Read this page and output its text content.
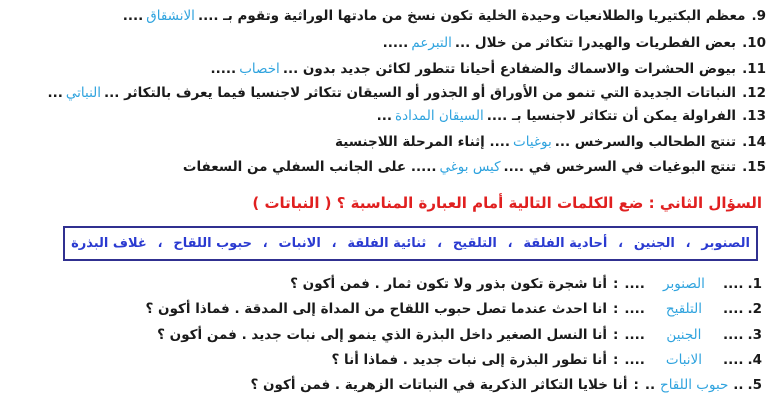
9.معظم البكتيريا والطلانعيات وحيدة الخلية تكون نسخ من مادتها الوراثية وتقوم بـ ....الانشقاق....
10.بعض الفطريات والهيدرا تتكاثر من خلال ...التبرعم.....
11.بيوض الحشرات والاسماك والضفادع أحيانا تتطور لكائن جديد بدون ...اخصاب.....
12.النباتات الجديدة التي تنمو من الأوراق أو الجذور أو السيقان تتكاثر لاجنسيا فيما يعرف بالتكاثر ...النباتي...
13.الفراولة يمكن أن تتكاثر لاجنسيا بـ ....السيقان المدادة...
14.تنتج الطحالب والسرخس ...بوغيات.... إثناء المرحلة اللاجنسية
15.تنتج البوغيات في السرخس في ....كيس بوغي..... على الجانب السفلي من السعفات
السؤال الثاني : ضع الكلمات التالية أمام العبارة المناسبة ؟ ( النباتات )
الصنوبر
،
الجنين
،
أحادية الفلقة
،
التلقيح
،
ثنائية الفلقة
،
الانبات
،
حبوب اللقاح
،
غلاف البذرة
1.....الصنوبر....:أنا شجرة تكون بذور ولا تكون ثمار . فمن أكون ؟
2.....التلقيح....:انا احدث عندما تصل حبوب اللقاح من المداة إلى المدقة . فماذا أكون ؟
3.....الجنين....:أنا النسل الصغير داخل البذرة الذي ينمو إلى نبات جديد . فمن أكون ؟
4.....الانبات....:أنا تطور البذرة إلى نبات جديد . فماذا أنا ؟
5...حبوب اللقاح..:أنا خلايا التكاثر الذكرية في النباتات الزهرية . فمن أكون ؟
